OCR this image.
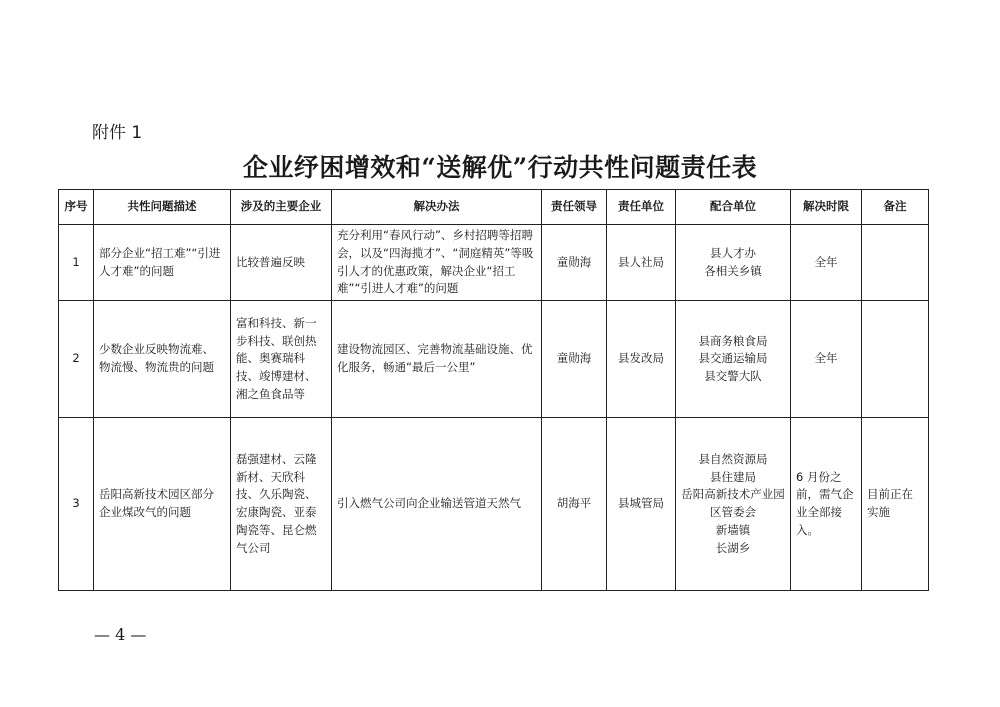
附件 1
企业纾困增效和“送解优”行动共性问题责任表
序号	共性问题描述	涉及的主要企业	解决办法	责任领导	责任单位	配合单位	解决时限	备注
1	部分企业“招工难”“引进人才难”的问题	比较普遍反映	充分利用“春风行动”、乡村招聘等招聘会，以及“四海揽才”、“洞庭精英”等吸引人才的优惠政策，解决企业“招工难”“引进人才难”的问题	童勋海	县人社局	县人才办
各相关乡镇	全年	
2	少数企业反映物流难、物流慢、物流贵的问题	富和科技、新一步科技、联创热能、奥赛瑞科技、竣博建材、湘之鱼食品等	建设物流园区、完善物流基础设施、优化服务，畅通“最后一公里”	童勋海	县发改局	县商务粮食局
县交通运输局
县交警大队	全年	
3	岳阳高新技术园区部分企业煤改气的问题	磊强建材、云隆新材、天欣科技、久乐陶瓷、宏康陶瓷、亚泰陶瓷等、昆仑燃气公司	引入燃气公司向企业输送管道天然气	胡海平	县城管局	县自然资源局
县住建局
岳阳高新技术产业园区管委会
新墙镇
长湖乡	6 月份之前，需气企业全部接入。	目前正在实施
— 4 —
